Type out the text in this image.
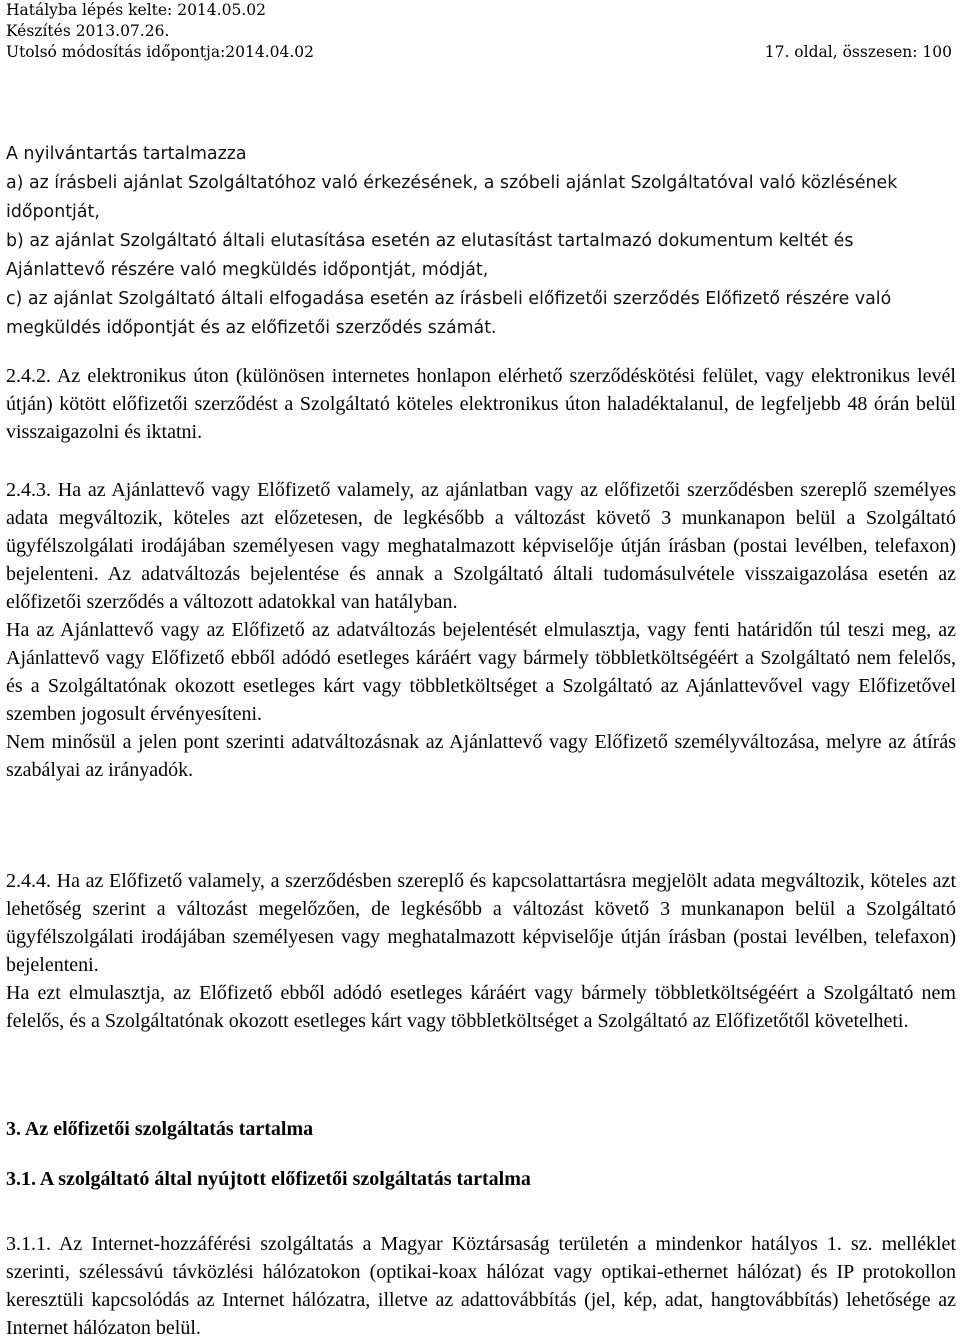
Hatályba lépés kelte: 2014.05.02
Készítés 2013.07.26.
Utolsó módosítás időpontja:2014.04.02	17. oldal, összesen: 100

A nyilvántartás tartalmazza

a) az írásbeli ajánlat Szolgáltatóhoz való érkezésének, a szóbeli ajánlat Szolgáltatóval való közlésének időpontját,

b) az ajánlat Szolgáltató általi elutasítása esetén az elutasítást tartalmazó dokumentum keltét és Ajánlattevő részére való megküldés időpontját, módját,

c) az ajánlat Szolgáltató általi elfogadása esetén az írásbeli előfizetői szerződés Előfizető részére való megküldés időpontját és az előfizetői szerződés számát.

2.4.2. Az elektronikus úton (különösen internetes honlapon elérhető szerződéskötési felület, vagy elektronikus levél útján) kötött előfizetői szerződést a Szolgáltató köteles elektronikus úton haladéktalanul, de legfeljebb 48 órán belül visszaigazolni és iktatni.

2.4.3. Ha az Ajánlattevő vagy Előfizető valamely, az ajánlatban vagy az előfizetői szerződésben szereplő személyes adata megváltozik, köteles azt előzetesen, de legkésőbb a változást követő 3 munkanapon belül a Szolgáltató ügyfélszolgálati irodájában személyesen vagy meghatalmazott képviselője útján írásban (postai levélben, telefaxon) bejelenteni. Az adatváltozás bejelentése és annak a Szolgáltató általi tudomásulvétele visszaigazolása esetén az előfizetői szerződés a változott adatokkal van hatályban.

Ha az Ajánlattevő vagy az Előfizető az adatváltozás bejelentését elmulasztja, vagy fenti határidőn túl teszi meg, az Ajánlattevő vagy Előfizető ebből adódó esetleges káráért vagy bármely többletköltségéért a Szolgáltató nem felelős, és a Szolgáltatónak okozott esetleges kárt vagy többletköltséget a Szolgáltató az Ajánlattevővel vagy Előfizetővel szemben jogosult érvényesíteni.

Nem minősül a jelen pont szerinti adatváltozásnak az Ajánlattevő vagy Előfizető személyváltozása, melyre az átírás szabályai az irányadók.

2.4.4. Ha az Előfizető valamely, a szerződésben szereplő és kapcsolattartásra megjelölt adata megváltozik, köteles azt lehetőség szerint a változást megelőzően, de legkésőbb a változást követő 3 munkanapon belül a Szolgáltató ügyfélszolgálati irodájában személyesen vagy meghatalmazott képviselője útján írásban (postai levélben, telefaxon) bejelenteni.

Ha ezt elmulasztja, az Előfizető ebből adódó esetleges káráért vagy bármely többletköltségéért a Szolgáltató nem felelős, és a Szolgáltatónak okozott esetleges kárt vagy többletköltséget a Szolgáltató az Előfizetőtől követelheti.

3. Az előfizetői szolgáltatás tartalma
3.1. A szolgáltató által nyújtott előfizetői szolgáltatás tartalma

3.1.1. Az Internet-hozzáférési szolgáltatás a Magyar Köztársaság területén a mindenkor hatályos 1. sz. melléklet szerinti, szélessávú távközlési hálózatokon (optikai-koax hálózat vagy optikai-ethernet hálózat) és IP protokollon keresztüli kapcsolódás az Internet hálózatra, illetve az adattovábbítás (jel, kép, adat, hangtovábbítás) lehetősége az Internet hálózaton belül.
